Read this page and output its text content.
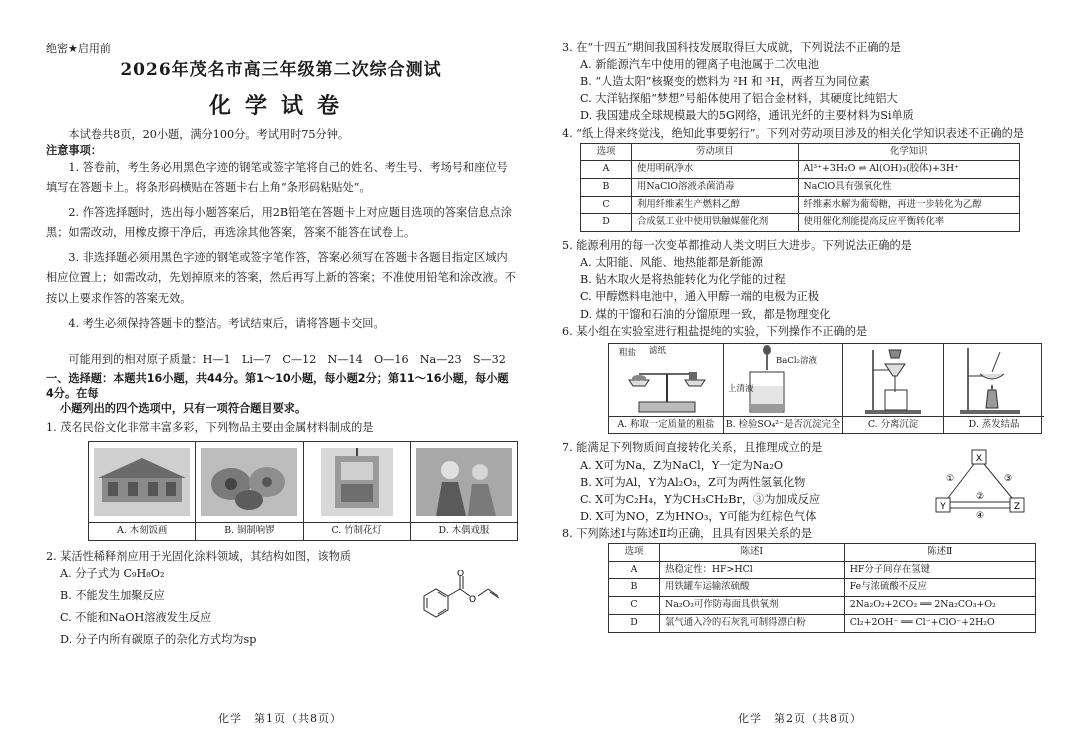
绝密★启用前
2026年茂名市高三年级第二次综合测试
化学试卷

本试卷共8页，20小题，满分100分。考试用时75分钟。

注意事项：

1. 答卷前，考生务必用黑色字迹的钢笔或签字笔将自己的姓名、考生号、考场号和座位号填写在答题卡上。将条形码横贴在答题卡右上角“条形码粘贴处”。

2. 作答选择题时，选出每小题答案后，用2B铅笔在答题卡上对应题目选项的答案信息点涂黑；如需改动，用橡皮擦干净后，再选涂其他答案，答案不能答在试卷上。

3. 非选择题必须用黑色字迹的钢笔或签字笔作答，答案必须写在答题卡各题目指定区域内相应位置上；如需改动，先划掉原来的答案，然后再写上新的答案；不准使用铅笔和涂改液。不按以上要求作答的答案无效。

4. 考生必须保持答题卡的整洁。考试结束后，请将答题卡交回。

可能用到的相对原子质量：H—1　Li—7　C—12　N—14　O—16　Na—23　S—32

一、选择题：本题共16小题，共44分。第1～10小题，每小题2分；第11～16小题，每小题4分。在每

小题列出的四个选项中，只有一项符合题目要求。

1. 茂名民俗文化非常丰富多彩，下列物品主要由金属材料制成的是

A. 木刻饭画	B. 铜制响锣	C. 竹制花灯	D. 木偶戏服

2. 某活性稀释剂应用于光固化涂料领域，其结构如图，该物质

A. 分子式为 C₉H₈O₂

B. 不能发生加聚反应

C. 不能和NaOH溶液发生反应

D. 分子内所有碳原子的杂化方式均为sp

O
O
化学　第1页（共8页）

3. 在“十四五”期间我国科技发展取得巨大成就，下列说法不正确的是

A. 新能源汽车中使用的锂离子电池属于二次电池

B. “人造太阳”核聚变的燃料为 ²H 和 ³H，两者互为同位素

C. 大洋钻探船“梦想”号船体使用了铝合金材料，其硬度比纯铝大

D. 我国建成全球规模最大的5G网络，通讯光纤的主要材料为Si单质

4. “纸上得来终觉浅，绝知此事要躬行”。下列对劳动项目涉及的相关化学知识表述不正确的是

选项	劳动项目	化学知识
A	使用明矾净水	Al³⁺+3H₂O ⇌ Al(OH)₃(胶体)+3H⁺
B	用NaClO溶液杀菌消毒	NaClO具有强氧化性
C	利用纤维素生产燃料乙醇	纤维素水解为葡萄糖，再进一步转化为乙醇
D	合成氨工业中使用铁触媒催化剂	使用催化剂能提高反应平衡转化率

5. 能源利用的每一次变革都推动人类文明巨大进步。下列说法正确的是

A. 太阳能、风能、地热能都是新能源

B. 钻木取火是将热能转化为化学能的过程

C. 甲醇燃料电池中，通入甲醇一端的电极为正极

D. 煤的干馏和石油的分馏原理一致，都是物理变化

6. 某小组在实验室进行粗盐提纯的实验，下列操作不正确的是

粗盐 滤纸
A. 称取一定质量的粗盐
BaCl₂溶液
上清液
B. 检验SO₄²⁻是否沉淀完全	C. 分离沉淀	D. 蒸发结晶

7. 能满足下列物质间直接转化关系，且推理成立的是

A. X可为Na，Z为NaCl，Y一定为Na₂O

B. X可为Al，Y为Al₂O₃，Z可为两性氢氧化物

C. X可为C₂H₄，Y为CH₃CH₂Br，③为加成反应

D. X可为NO，Z为HNO₃，Y可能为红棕色气体

X
Y	Z
①
②
③
④

8. 下列陈述Ⅰ与陈述Ⅱ均正确，且具有因果关系的是

选项	陈述Ⅰ	陈述Ⅱ
A	热稳定性：HF>HCl	HF分子间存在氢键
B	用铁罐车运输浓硫酸	Fe与浓硫酸不反应
C	Na₂O₂可作防毒面具供氧剂	2Na₂O₂+2CO₂ ══ 2Na₂CO₃+O₂
D	氯气通入冷的石灰乳可制得漂白粉	Cl₂+2OH⁻ ══ Cl⁻+ClO⁻+2H₂O
化学　第2页（共8页）
